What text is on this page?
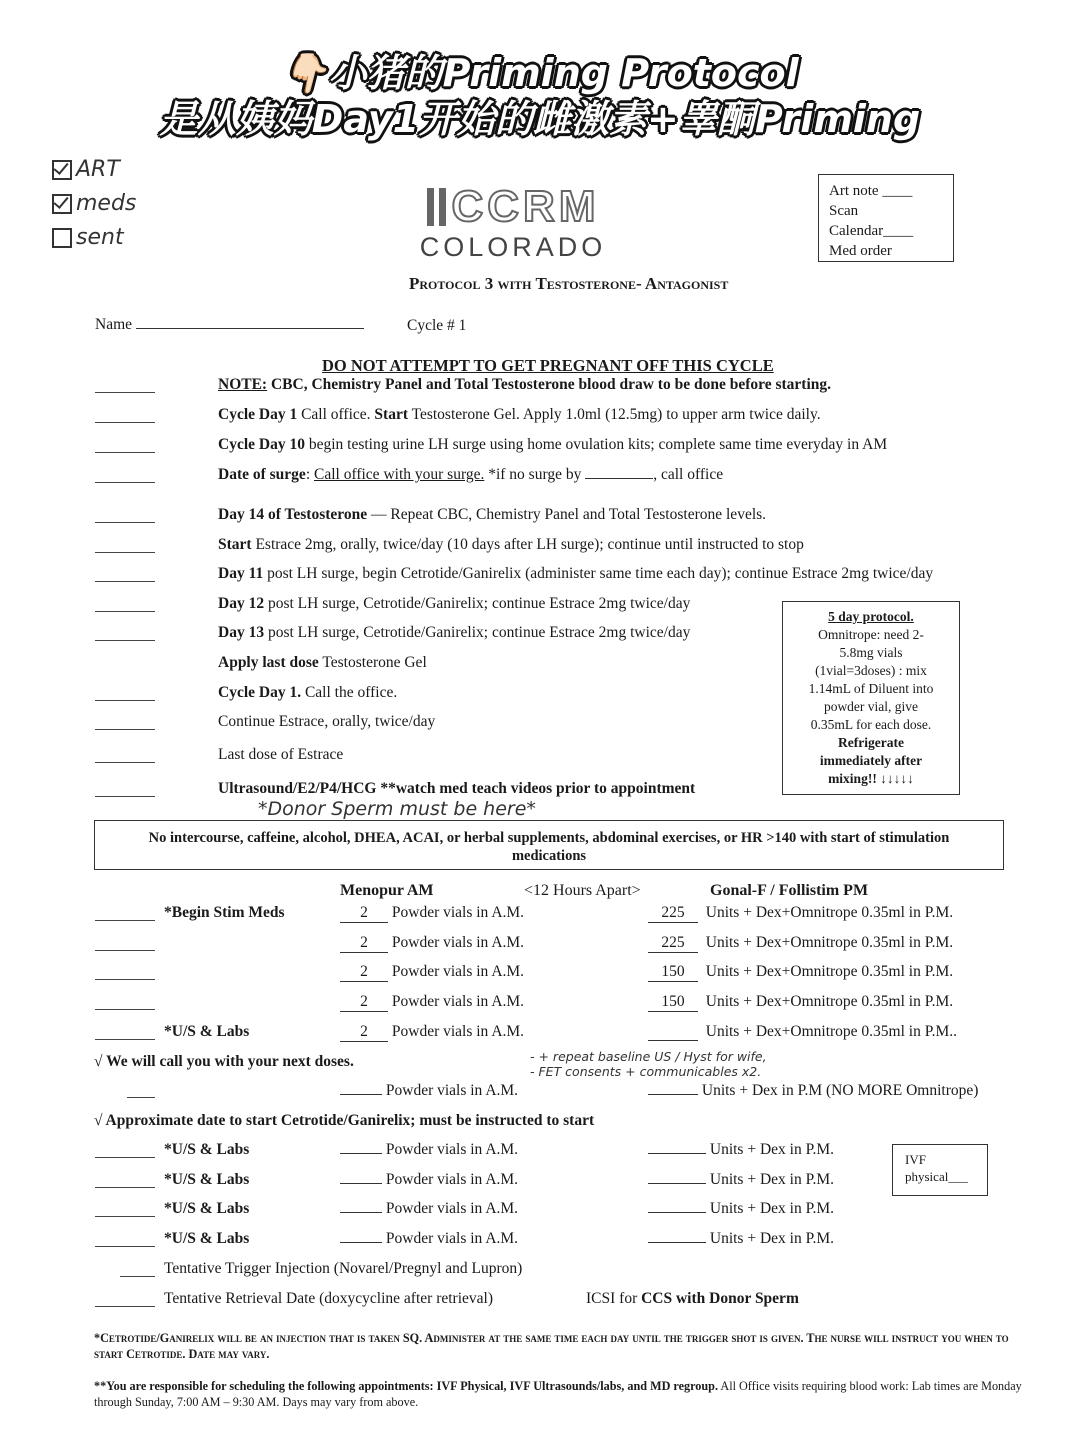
👇🏻小猪的Priming Protocol
是从姨妈Day1开始的雌激素+睾酮Priming
ART
meds
sent
CCRM
COLORADO
Art note ____
Scan
Calendar____
Med order
Protocol 3 with Testosterone- Antagonist
Name	Cycle # 1
DO NOT ATTEMPT TO GET PREGNANT OFF THIS CYCLE
NOTE: CBC, Chemistry Panel and Total Testosterone blood draw to be done before starting.
Cycle Day 1 Call office. Start Testosterone Gel. Apply 1.0ml (12.5mg) to upper arm twice daily.
Cycle Day 10 begin testing urine LH surge using home ovulation kits; complete same time everyday in AM
Date of surge: Call office with your surge. *if no surge by	, call office
Day 14 of Testosterone — Repeat CBC, Chemistry Panel and Total Testosterone levels.
Start Estrace 2mg, orally, twice/day (10 days after LH surge); continue until instructed to stop
Day 11 post LH surge, begin Cetrotide/Ganirelix (administer same time each day); continue Estrace 2mg twice/day
Day 12 post LH surge, Cetrotide/Ganirelix; continue Estrace 2mg twice/day
Day 13 post LH surge, Cetrotide/Ganirelix; continue Estrace 2mg twice/day
Apply last dose Testosterone Gel
Cycle Day 1. Call the office.
Continue Estrace, orally, twice/day
Last dose of Estrace
Ultrasound/E2/P4/HCG **watch med teach videos prior to appointment
*Donor Sperm must be here*
5 day protocol.
Omnitrope: need 2-
5.8mg vials
(1vial=3doses) : mix
1.14mL of Diluent into
powder vial, give
0.35mL for each dose.
Refrigerate
immediately after
mixing!! ↓↓↓↓↓
No intercourse, caffeine, alcohol, DHEA, ACAI, or herbal supplements, abdominal exercises, or HR >140 with start of stimulation medications
Menopur AM	<12 Hours Apart>	Gonal-F / Follistim PM
*Begin Stim Meds	2 Powder vials in A.M.	225 Units + Dex+Omnitrope 0.35ml in P.M.
2 Powder vials in A.M.	225 Units + Dex+Omnitrope 0.35ml in P.M.
2 Powder vials in A.M.	150 Units + Dex+Omnitrope 0.35ml in P.M.
2 Powder vials in A.M.	150 Units + Dex+Omnitrope 0.35ml in P.M.
*U/S & Labs	2 Powder vials in A.M.	Units + Dex+Omnitrope 0.35ml in P.M..
√ We will call you with your next doses.	- + repeat baseline US / Hyst for wife,
- FET consents + communicables x2.
Powder vials in A.M.	Units + Dex in P.M (NO MORE Omnitrope)
√ Approximate date to start Cetrotide/Ganirelix; must be instructed to start
*U/S & Labs	Powder vials in A.M.	Units + Dex in P.M.
*U/S & Labs	Powder vials in A.M.	Units + Dex in P.M.
*U/S & Labs	Powder vials in A.M.	Units + Dex in P.M.
*U/S & Labs	Powder vials in A.M.	Units + Dex in P.M.
IVF
physical___
Tentative Trigger Injection (Novarel/Pregnyl and Lupron)
Tentative Retrieval Date (doxycycline after retrieval)	ICSI for CCS with Donor Sperm
*Cetrotide/Ganirelix will be an injection that is taken SQ. Administer at the same time each day until the trigger shot is given. The nurse will instruct you when to start Cetrotide. Date may vary.
**You are responsible for scheduling the following appointments: IVF Physical, IVF Ultrasounds/labs, and MD regroup. All Office visits requiring blood work: Lab times are Monday through Sunday, 7:00 AM – 9:30 AM. Days may vary from above.
